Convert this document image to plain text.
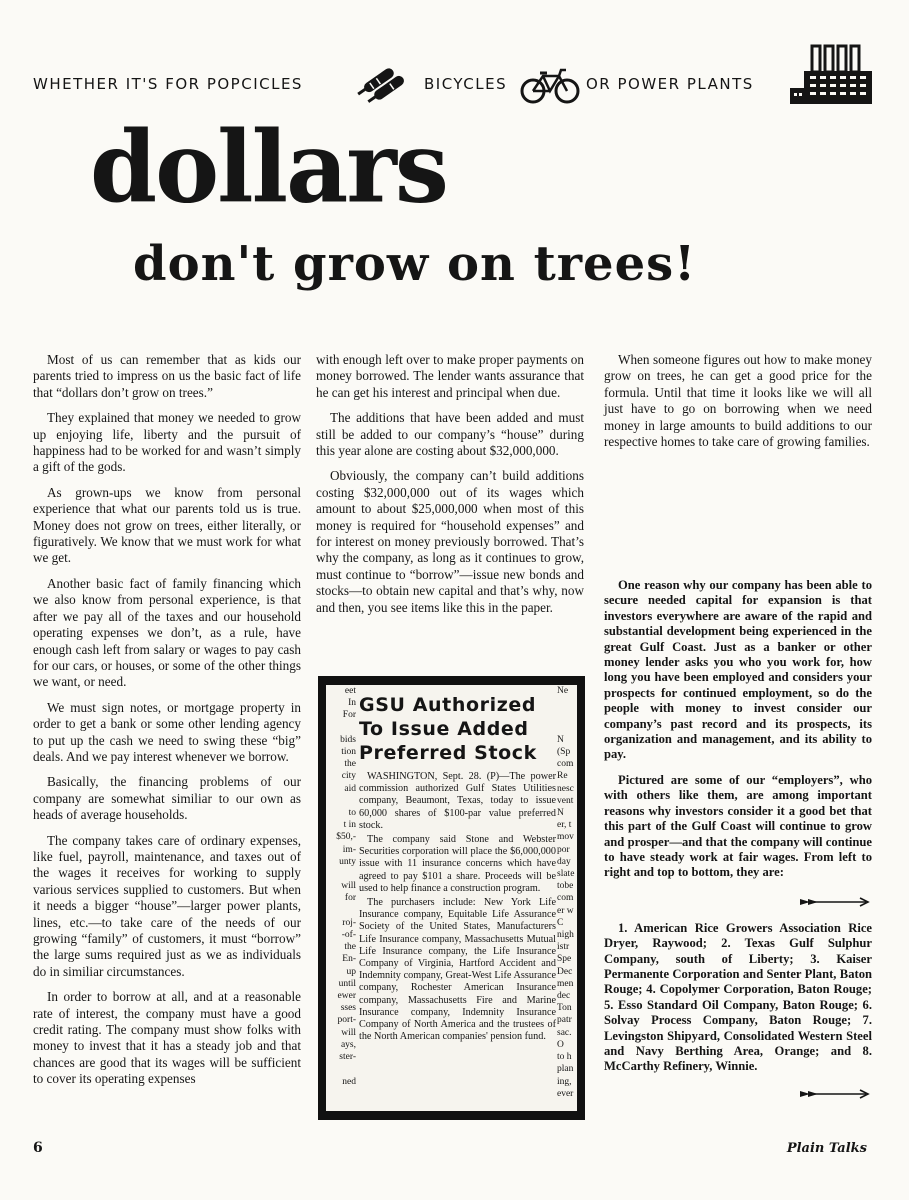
WHETHER IT'S FOR POPCICLES	BICYCLES	OR POWER PLANTS
dollars
don't grow on trees!

Most of us can remember that as kids our parents tried to impress on us the basic fact of life that “dollars don’t grow on trees.”

They explained that money we needed to grow up enjoying life, liberty and the pursuit of happiness had to be worked for and wasn’t simply a gift of the gods.

As grown-ups we know from personal experience that what our parents told us is true. Money does not grow on trees, either literally, or figuratively. We know that we must work for what we get.

Another basic fact of family financing which we also know from personal experience, is that after we pay all of the taxes and our household operating expenses we don’t, as a rule, have enough cash left from salary or wages to pay cash for our cars, or houses, or some of the other things we want, or need.

We must sign notes, or mortgage property in order to get a bank or some other lending agency to put up the cash we need to swing these “big” deals. And we pay interest whenever we borrow.

Basically, the financing problems of our company are somewhat similiar to our own as heads of average households.

The company takes care of ordinary expenses, like fuel, payroll, maintenance, and taxes out of the wages it receives for working to supply various services supplied to customers. But when it needs a bigger “house”—larger power plants, lines, etc.—to take care of the needs of our growing “family” of customers, it must “borrow” the large sums required just as we as individuals do in similiar circumstances.

In order to borrow at all, and at a reasonable rate of interest, the company must have a good credit rating. The company must show folks with money to invest that it has a steady job and that chances are good that its wages will be sufficient to cover its operating expenses

with enough left over to make proper payments on money borrowed. The lender wants assurance that he can get his interest and principal when due.

The additions that have been added and must still be added to our company’s “house” during this year alone are costing about $32,000,000.

Obviously, the company can’t build additions costing $32,000,000 out of its wages which amount to about $25,000,000 when most of this money is required for “household expenses” and for interest on money previously borrowed. That’s why the company, as long as it continues to grow, must continue to “borrow”—issue new bonds and stocks—to obtain new capital and that’s why, now and then, you see items like this in the paper.

When someone figures out how to make money grow on trees, he can get a good price for the formula. Until that time it looks like we will all just have to go on borrowing when we need money in large amounts to build additions to our respective homes to take care of growing families.

One reason why our company has been able to secure needed capital for expansion is that investors everywhere are aware of the rapid and substantial development being experienced in the great Gulf Coast. Just as a banker or other money lender asks you who you work for, how long you have been employed and considers your prospects for continued employment, so do the people with money to invest consider our company’s past record and its prospects, its organization and management, and its ability to pay.

Pictured are some of our “employers”, who with others like them, are among important reasons why investors consider it a good bet that this part of the Gulf Coast will continue to grow and prosper—and that the company will continue to have steady work at fair wages. From left to right and top to bottom, they are:

1. American Rice Growers Association Rice Dryer, Raywood; 2. Texas Gulf Sulphur Company, south of Liberty; 3. Kaiser Permanente Corporation and Senter Plant, Baton Rouge; 4. Copolymer Corporation, Baton Rouge; 5. Esso Standard Oil Company, Baton Rouge; 6. Solvay Process Company, Baton Rouge; 7. Levingston Shipyard, Consolidated Western Steel and Navy Berthing Area, Orange; and 8. McCarthy Refinery, Winnie.

eet
In
For

bids
tion
the
city
aid

to
t in
$50,-
im-
unty

will
for

roj-
-of-
the
En-
up
until
ewer
sses
port-
will
ays,
ster-

ned
GSU Authorized
To Issue Added
Preferred Stock

WASHINGTON, Sept. 28. (P)—The power commission authorized Gulf States Utilities company, Beaumont, Texas, today to issue 60,000 shares of $100-par value preferred stock.

The company said Stone and Webster Securities corporation will place the $6,000,000 issue with 11 insurance concerns which have agreed to pay $101 a share. Proceeds will be used to help finance a construction program.

The purchasers include: New York Life Insurance company, Equitable Life Assurance Society of the United States, Manufacturers Life Insurance company, Massachusetts Mutual Life Insurance company, the Life Insurance Company of Virginia, Hartford Accident and Indemnity company, Great-West Life Assurance company, Rochester American Insurance company, Massachusetts Fire and Marine Insurance company, Indemnity Insurance Company of North America and the trustees of the North American companies' pension fund.

Ne

N
(Sp
com
Re
nesc
vent
N
er, t
mov
por
day
slate
tobe
com
er w
C
nigh
istr
Spe
Dec
men
dec
Ton
patr
sac.
O
to h
plan
ing,
ever
6	Plain Talks
